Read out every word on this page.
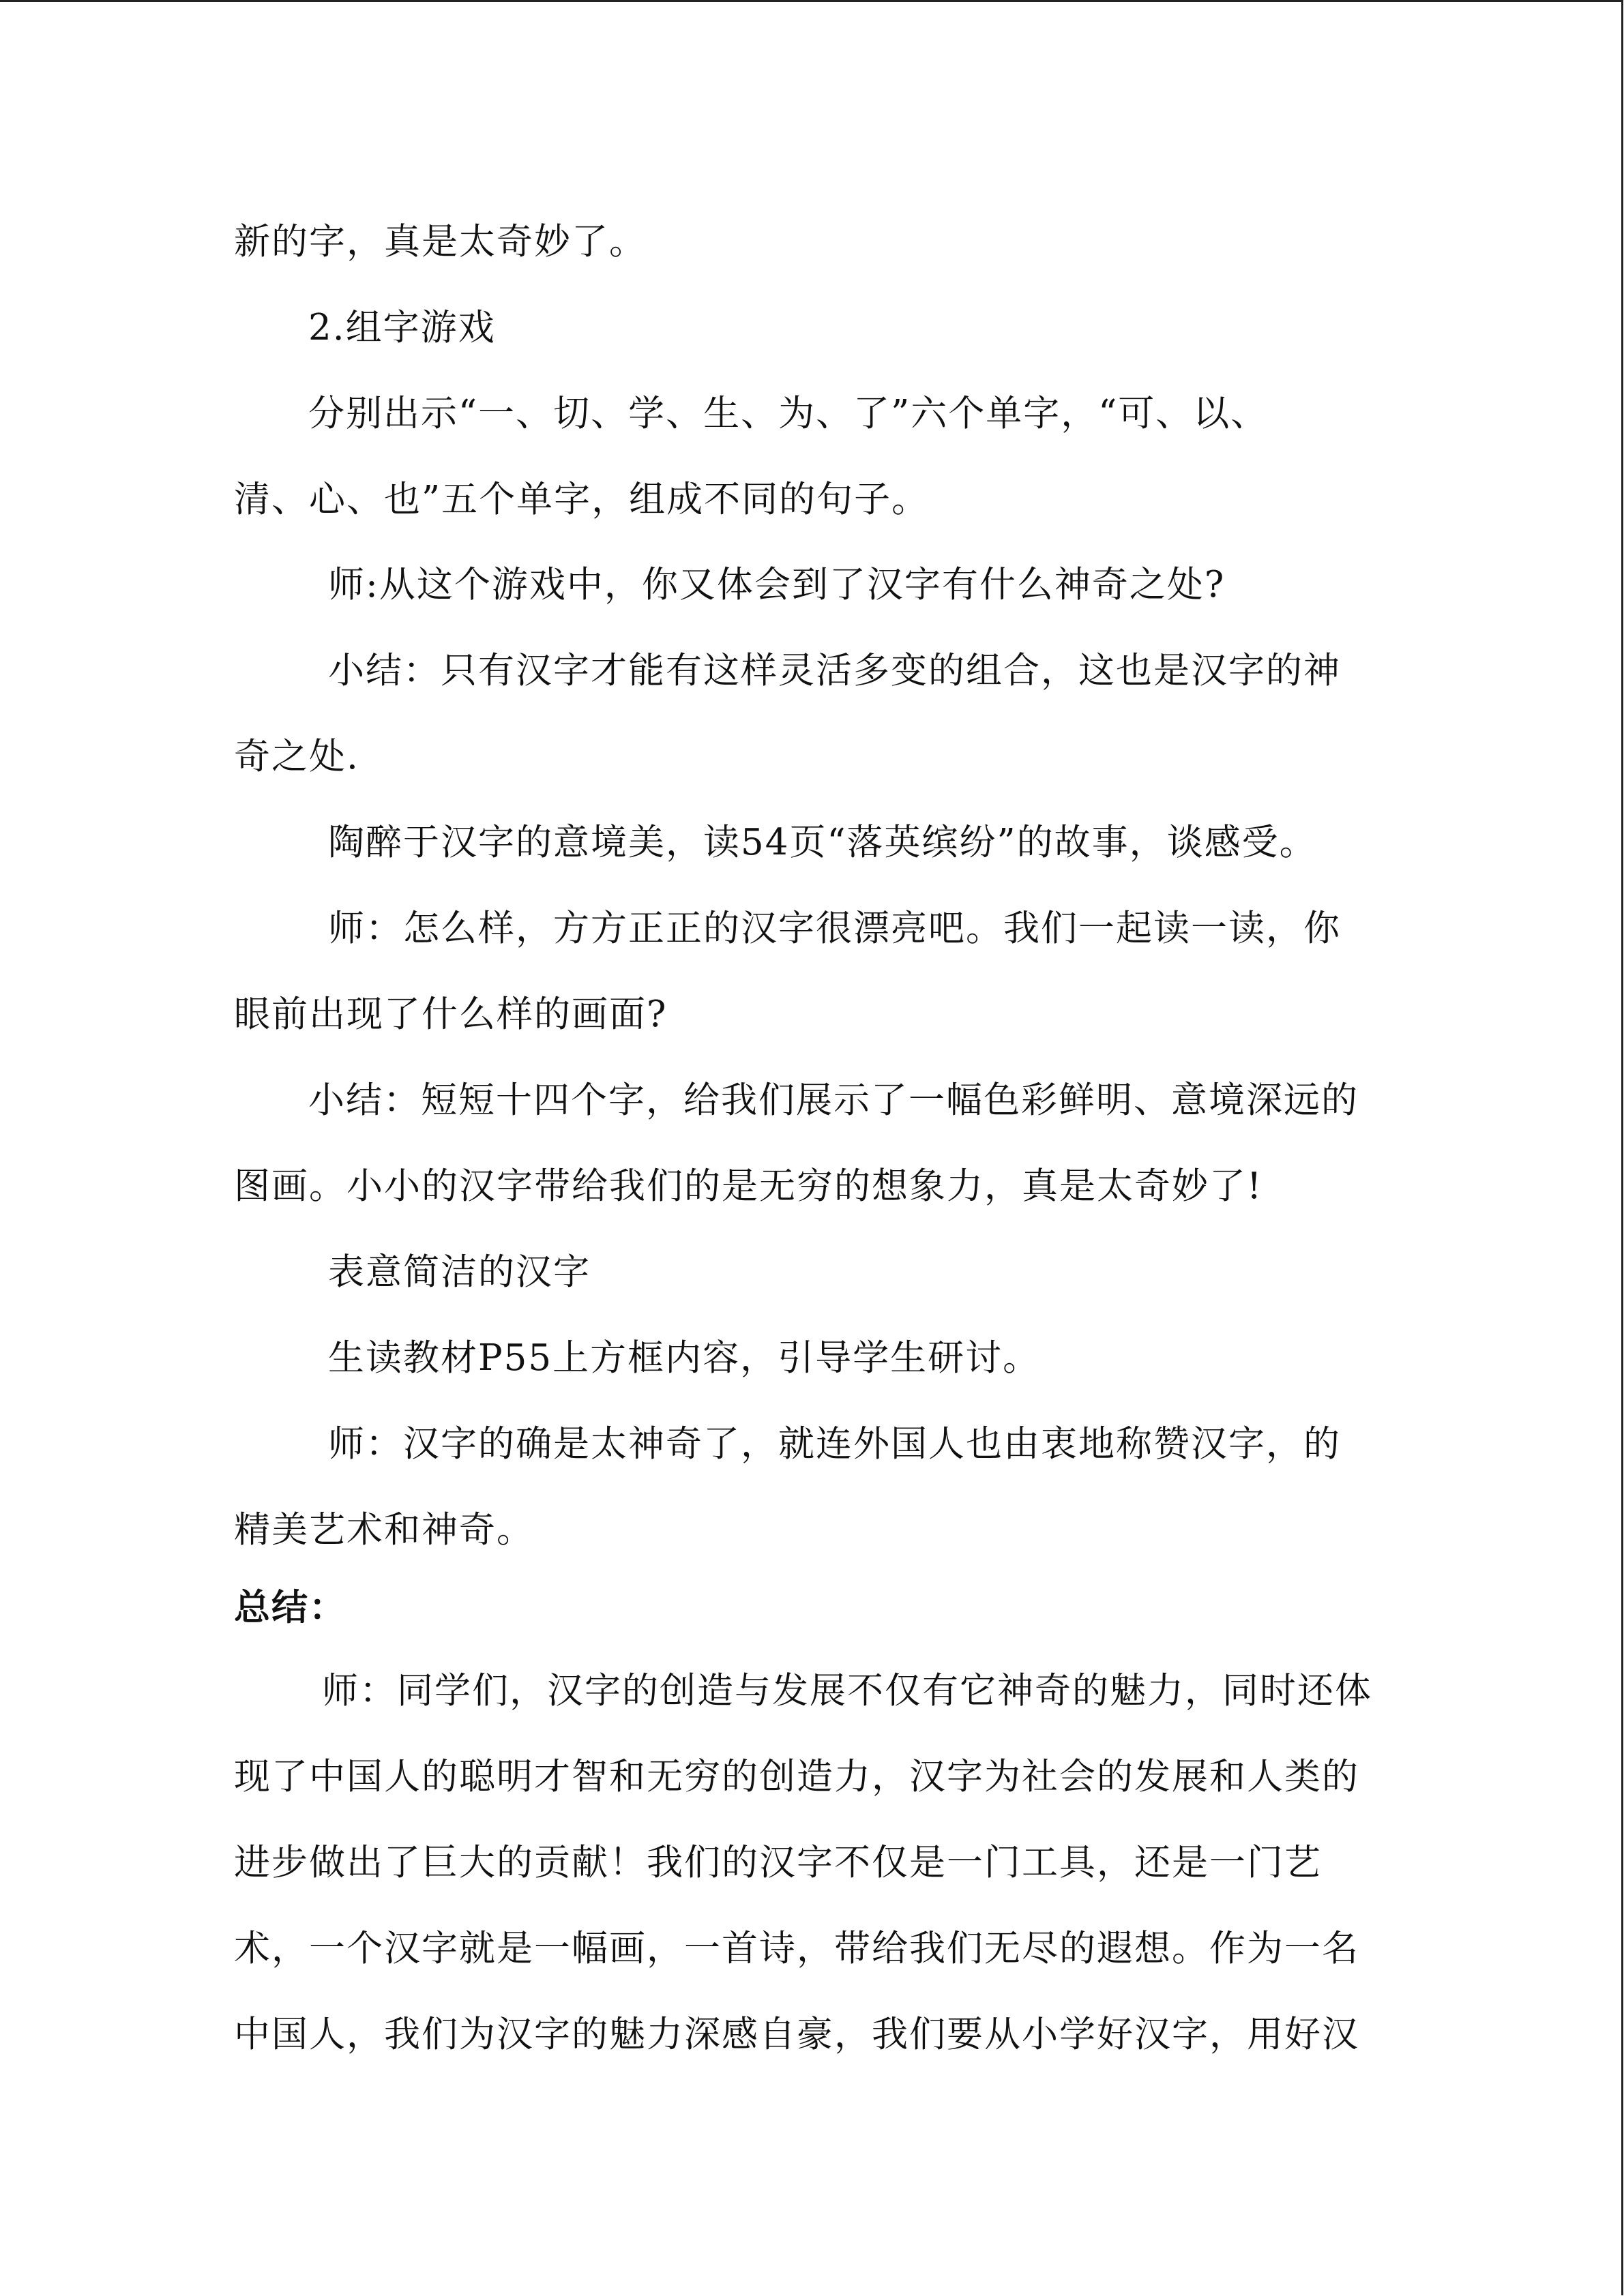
新的字，真是太奇妙了。
2.组字游戏
分别出示“一、切、学、生、为、了”六个单字，“可、以、
清、心、也”五个单字，组成不同的句子。
师:从这个游戏中，你又体会到了汉字有什么神奇之处?
小结：只有汉字才能有这样灵活多变的组合，这也是汉字的神
奇之处.
陶醉于汉字的意境美，读54页“落英缤纷”的故事，谈感受。
师：怎么样，方方正正的汉字很漂亮吧。我们一起读一读，你
眼前出现了什么样的画面?
小结：短短十四个字，给我们展示了一幅色彩鲜明、意境深远的
图画。小小的汉字带给我们的是无穷的想象力，真是太奇妙了!
表意简洁的汉字
生读教材P55上方框内容，引导学生研讨。
师：汉字的确是太神奇了，就连外国人也由衷地称赞汉字，的
精美艺术和神奇。
总结：
师：同学们，汉字的创造与发展不仅有它神奇的魅力，同时还体
现了中国人的聪明才智和无穷的创造力，汉字为社会的发展和人类的
进步做出了巨大的贡献！我们的汉字不仅是一门工具，还是一门艺
术，一个汉字就是一幅画，一首诗，带给我们无尽的遐想。作为一名
中国人，我们为汉字的魅力深感自豪，我们要从小学好汉字，用好汉
